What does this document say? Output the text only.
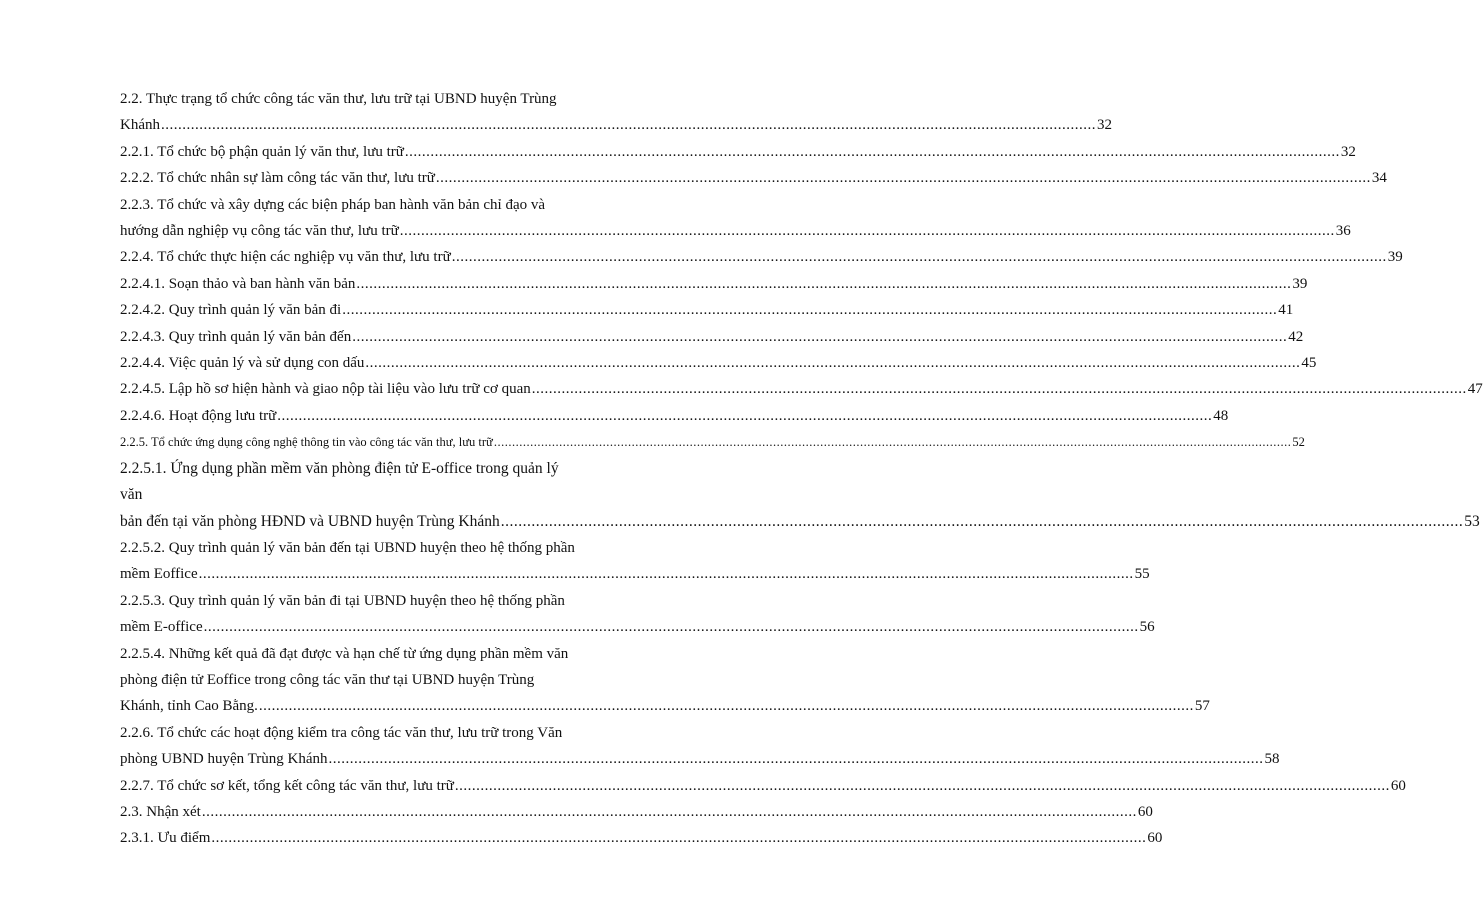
2.2. Thực trạng tổ chức công tác văn thư, lưu trữ tại UBND huyện Trùng
Khánh ............................................................................................................................................................................................................................ 32
2.2.1. Tổ chức bộ phận quản lý văn thư, lưu trữ ............................................................................................................................................................................................................................ 32
2.2.2. Tổ chức nhân sự làm công tác văn thư, lưu trữ ............................................................................................................................................................................................................................ 34
2.2.3. Tổ chức và xây dựng các biện pháp ban hành văn bản chỉ đạo và
hướng dẫn nghiệp vụ công tác văn thư, lưu trữ ............................................................................................................................................................................................................................ 36
2.2.4. Tổ chức thực hiện các nghiệp vụ văn thư, lưu trữ ............................................................................................................................................................................................................................ 39
2.2.4.1. Soạn thảo và ban hành văn bản ............................................................................................................................................................................................................................ 39
2.2.4.2. Quy trình quản lý văn bản đi ............................................................................................................................................................................................................................ 41
2.2.4.3. Quy trình quản lý văn bản đến ............................................................................................................................................................................................................................ 42
2.2.4.4. Việc quản lý và sử dụng con dấu ............................................................................................................................................................................................................................ 45
2.2.4.5. Lập hồ sơ hiện hành và giao nộp tài liệu vào lưu trữ cơ quan ............................................................................................................................................................................................................................ 47
2.2.4.6. Hoạt động lưu trữ ............................................................................................................................................................................................................................ 48
2.2.5. Tổ chức ứng dụng công nghệ thông tin vào công tác văn thư, lưu trữ ............................................................................................................................................................................................................................ 52
2.2.5.1. Ứng dụng phần mềm văn phòng điện tử E-office trong quản lý văn
bản đến tại văn phòng HĐND và UBND huyện Trùng Khánh ............................................................................................................................................................................................................................ 53
2.2.5.2. Quy trình quản lý văn bản đến tại UBND huyện theo hệ thống phần
mềm Eoffice ............................................................................................................................................................................................................................ 55
2.2.5.3. Quy trình quản lý văn bản đi tại UBND huyện theo hệ thống phần
mềm E-office ............................................................................................................................................................................................................................ 56
2.2.5.4. Những kết quả đã đạt được và hạn chế từ ứng dụng phần mềm văn
phòng điện tử Eoffice trong công tác văn thư tại UBND huyện Trùng
Khánh, tỉnh Cao Bằng. ............................................................................................................................................................................................................................ 57
2.2.6. Tổ chức các hoạt động kiểm tra công tác văn thư, lưu trữ trong Văn
phòng UBND huyện Trùng Khánh ............................................................................................................................................................................................................................ 58
2.2.7. Tổ chức sơ kết, tổng kết công tác văn thư, lưu trữ ............................................................................................................................................................................................................................ 60
2.3. Nhận xét ............................................................................................................................................................................................................................ 60
2.3.1. Ưu điểm ............................................................................................................................................................................................................................ 60
